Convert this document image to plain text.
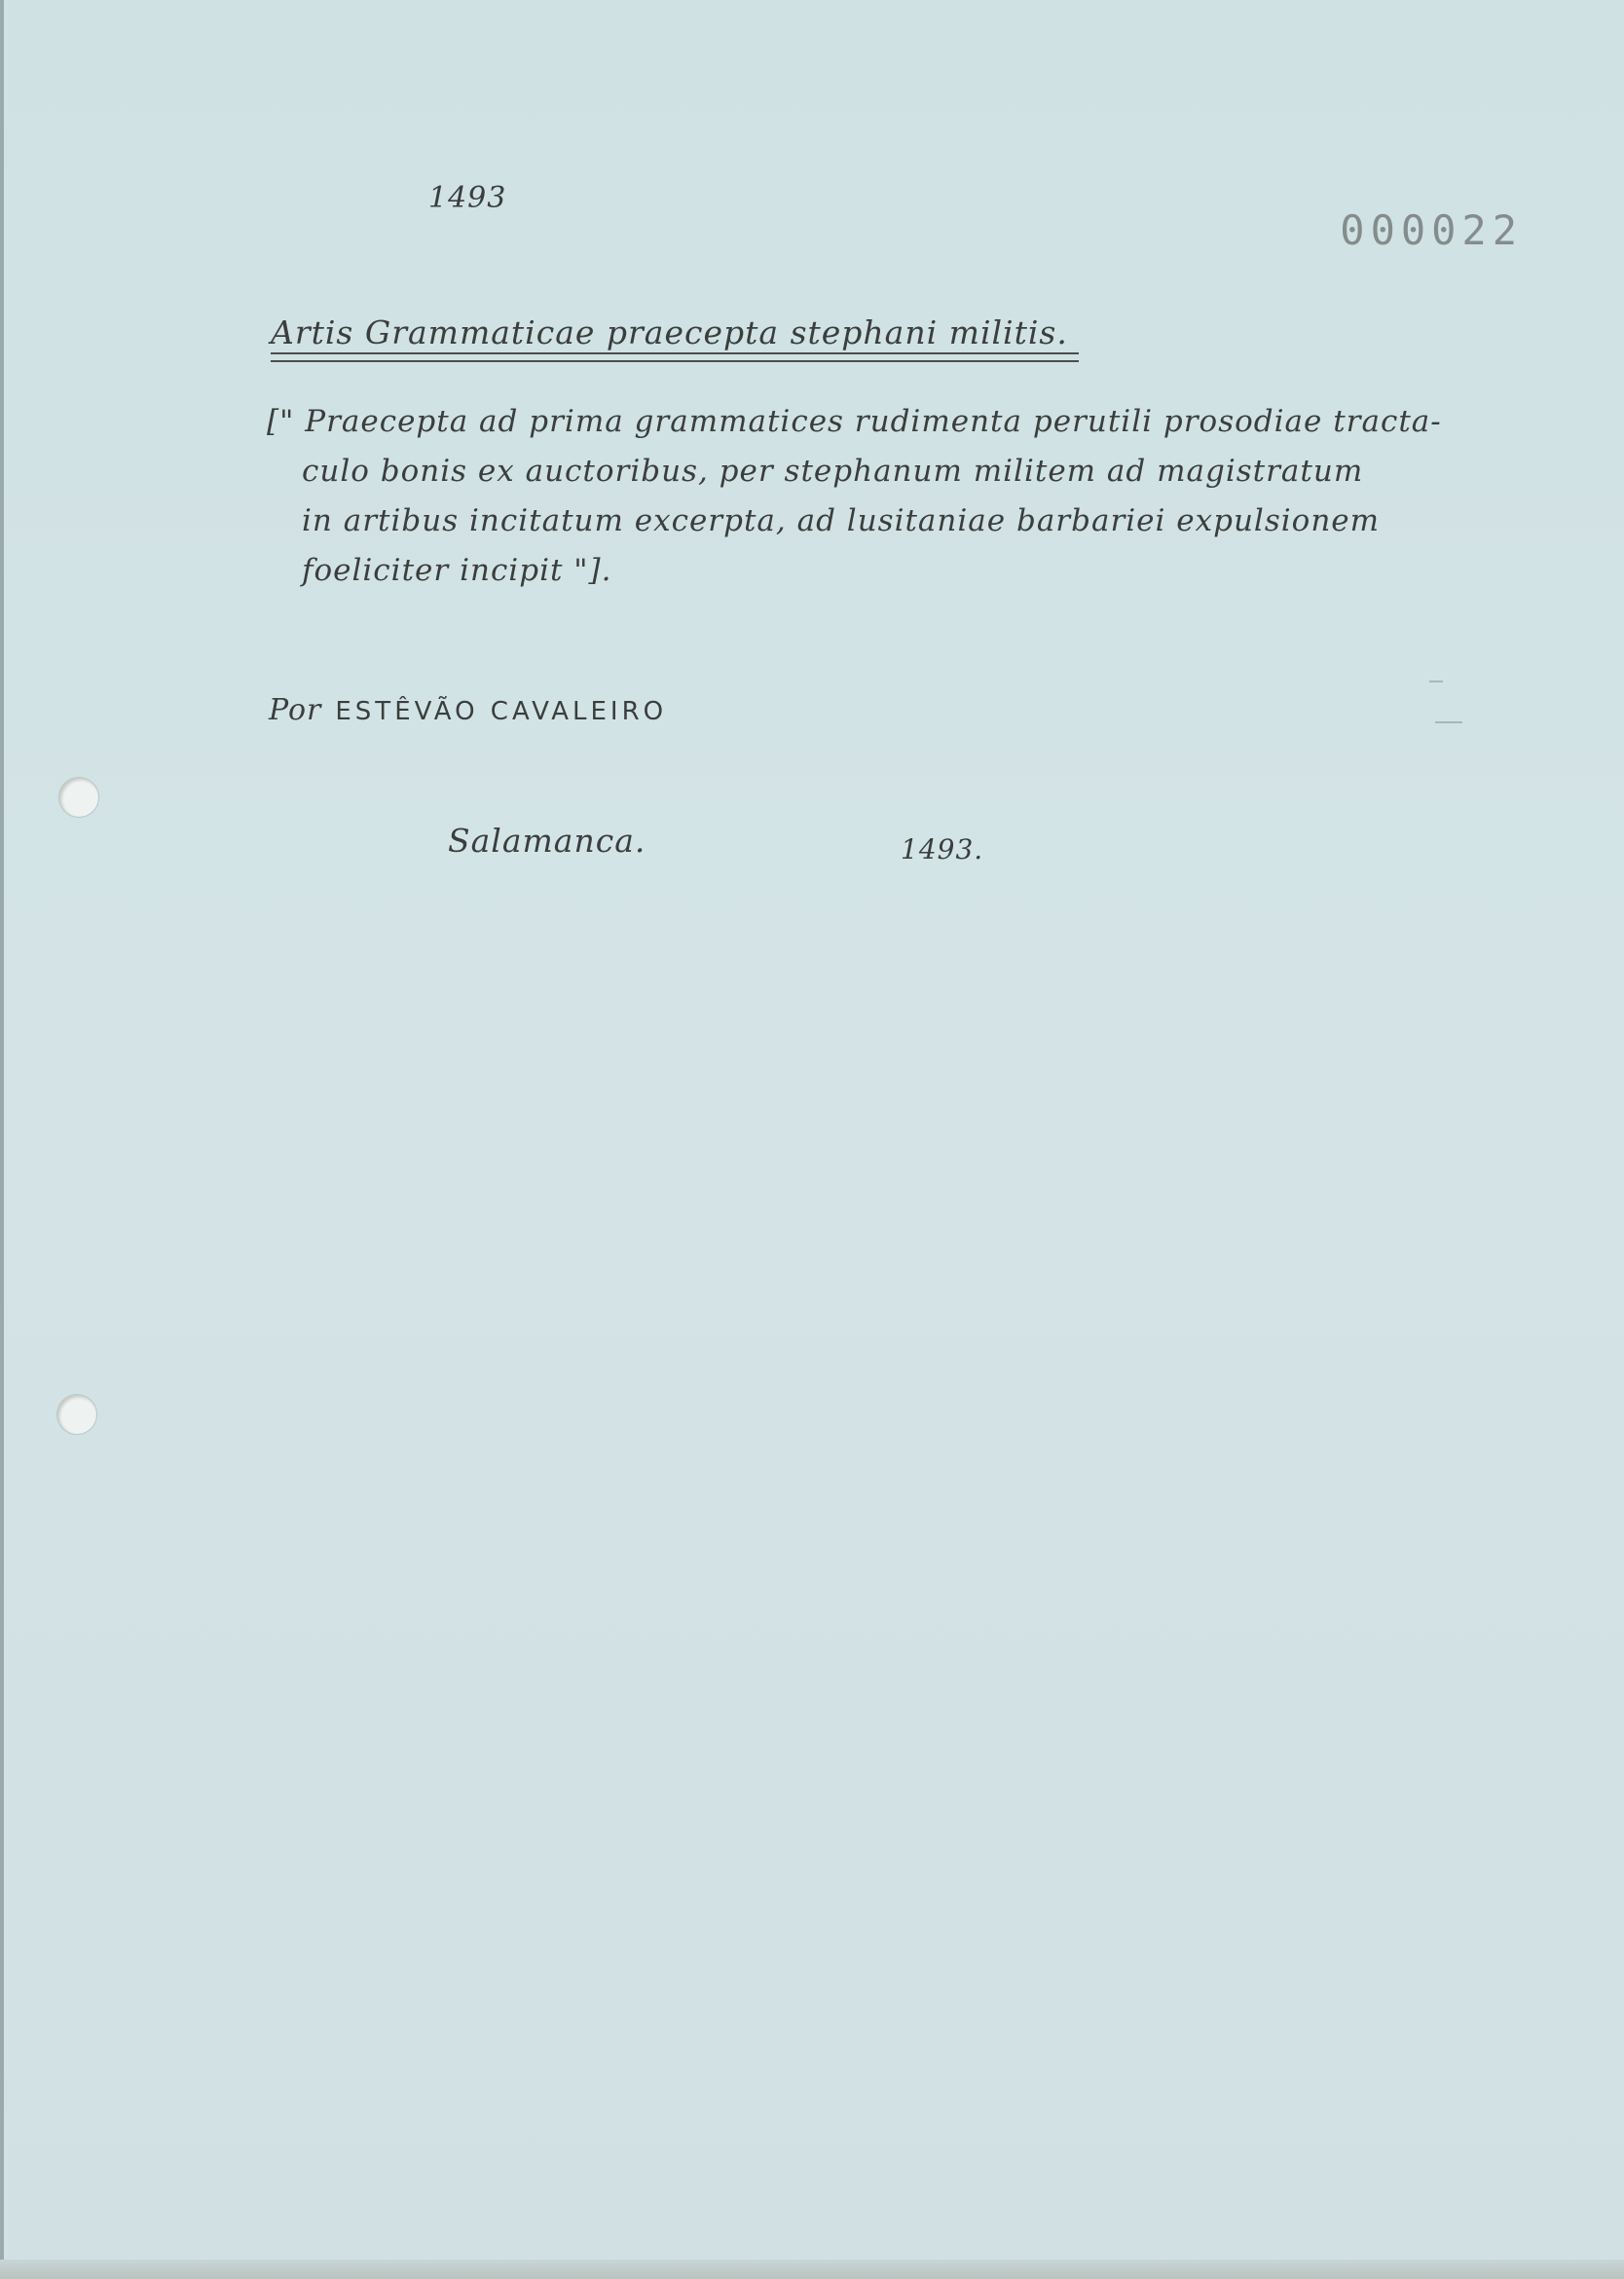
1493
000022
Artis Grammaticae praecepta stephani militis.
[" Praecepta ad prima grammatices rudimenta perutili prosodiae tracta-
culo bonis ex auctoribus, per stephanum militem ad magistratum
in artibus incitatum excerpta, ad lusitaniae barbariei expulsionem
foeliciter incipit "].
Por ESTÊVÃO CAVALEIRO
Salamanca.	1493.
